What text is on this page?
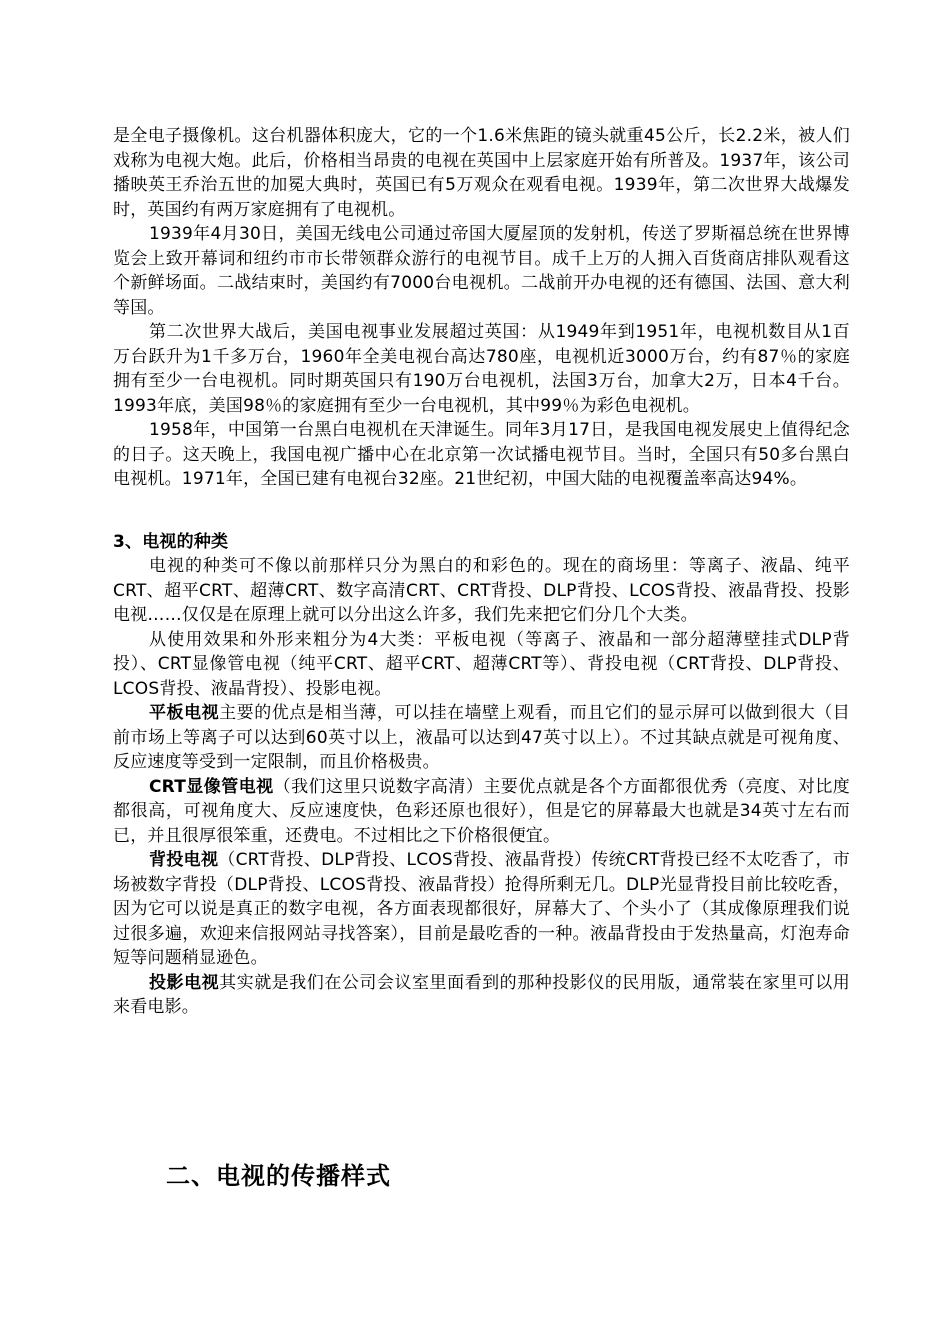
是全电子摄像机。这台机器体积庞大，它的一个1.6米焦距的镜头就重45公斤，长2.2米，被人们戏称为电视大炮。此后，价格相当昂贵的电视在英国中上层家庭开始有所普及。1937年，该公司播映英王乔治五世的加冕大典时，英国已有5万观众在观看电视。1939年，第二次世界大战爆发时，英国约有两万家庭拥有了电视机。

1939年4月30日，美国无线电公司通过帝国大厦屋顶的发射机，传送了罗斯福总统在世界博览会上致开幕词和纽约市市长带领群众游行的电视节目。成千上万的人拥入百货商店排队观看这个新鲜场面。二战结束时，美国约有7000台电视机。二战前开办电视的还有德国、法国、意大利等国。

第二次世界大战后，美国电视事业发展超过英国：从1949年到1951年，电视机数目从1百万台跃升为1千多万台，1960年全美电视台高达780座，电视机近3000万台，约有87％的家庭拥有至少一台电视机。同时期英国只有190万台电视机，法国3万台，加拿大2万，日本4千台。1993年底，美国98％的家庭拥有至少一台电视机，其中99％为彩色电视机。

1958年，中国第一台黑白电视机在天津诞生。同年3月17日，是我国电视发展史上值得纪念的日子。这天晚上，我国电视广播中心在北京第一次试播电视节目。当时，全国只有50多台黑白电视机。1971年，全国已建有电视台32座。21世纪初，中国大陆的电视覆盖率高达94%。

3、电视的种类

电视的种类可不像以前那样只分为黑白的和彩色的。现在的商场里：等离子、液晶、纯平CRT、超平CRT、超薄CRT、数字高清CRT、CRT背投、DLP背投、LCOS背投、液晶背投、投影电视……仅仅是在原理上就可以分出这么许多，我们先来把它们分几个大类。

从使用效果和外形来粗分为4大类：平板电视（等离子、液晶和一部分超薄壁挂式DLP背投）、CRT显像管电视（纯平CRT、超平CRT、超薄CRT等）、背投电视（CRT背投、DLP背投、LCOS背投、液晶背投）、投影电视。

平板电视主要的优点是相当薄，可以挂在墙壁上观看，而且它们的显示屏可以做到很大（目前市场上等离子可以达到60英寸以上，液晶可以达到47英寸以上）。不过其缺点就是可视角度、反应速度等受到一定限制，而且价格极贵。

CRT显像管电视（我们这里只说数字高清）主要优点就是各个方面都很优秀（亮度、对比度都很高，可视角度大、反应速度快，色彩还原也很好），但是它的屏幕最大也就是34英寸左右而已，并且很厚很笨重，还费电。不过相比之下价格很便宜。

背投电视（CRT背投、DLP背投、LCOS背投、液晶背投）传统CRT背投已经不太吃香了，市场被数字背投（DLP背投、LCOS背投、液晶背投）抢得所剩无几。DLP光显背投目前比较吃香，因为它可以说是真正的数字电视，各方面表现都很好，屏幕大了、个头小了（其成像原理我们说过很多遍，欢迎来信报网站寻找答案），目前是最吃香的一种。液晶背投由于发热量高，灯泡寿命短等问题稍显逊色。

投影电视其实就是我们在公司会议室里面看到的那种投影仪的民用版，通常装在家里可以用来看电影。

二、电视的传播样式
